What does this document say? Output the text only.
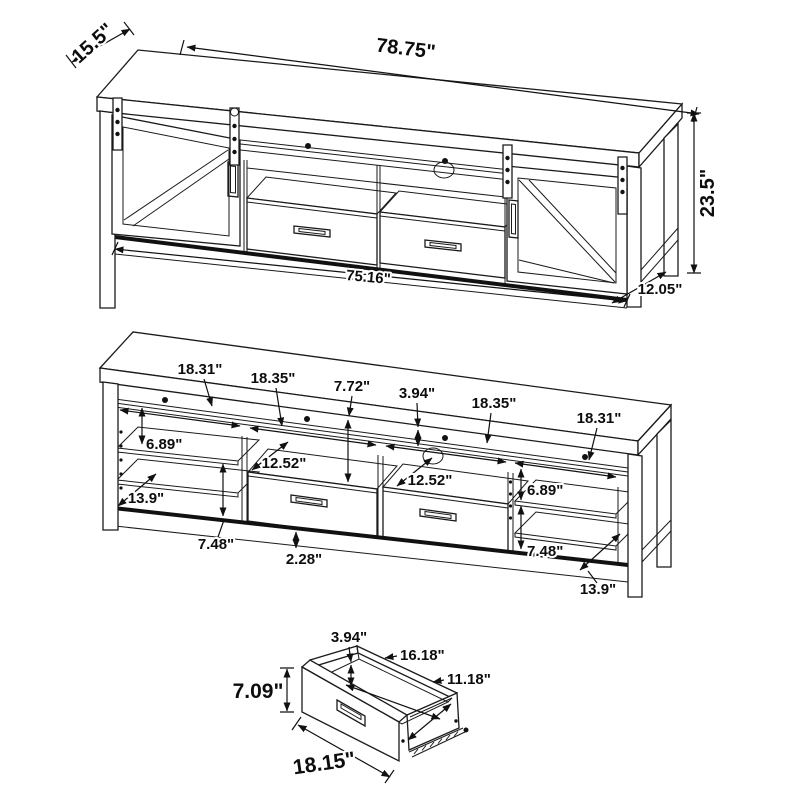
78.75"
15.5"
23.5"
12.05"
75.16"
18.31"
18.35"
18.35"
18.31"
7.72" 3.94"
6.89"
7.48"
6.89"
7.48"
13.9"
12.52"
12.52"
13.9"
2.28"
7.09"
18.15"
3.94"
16.18"
11.18"
